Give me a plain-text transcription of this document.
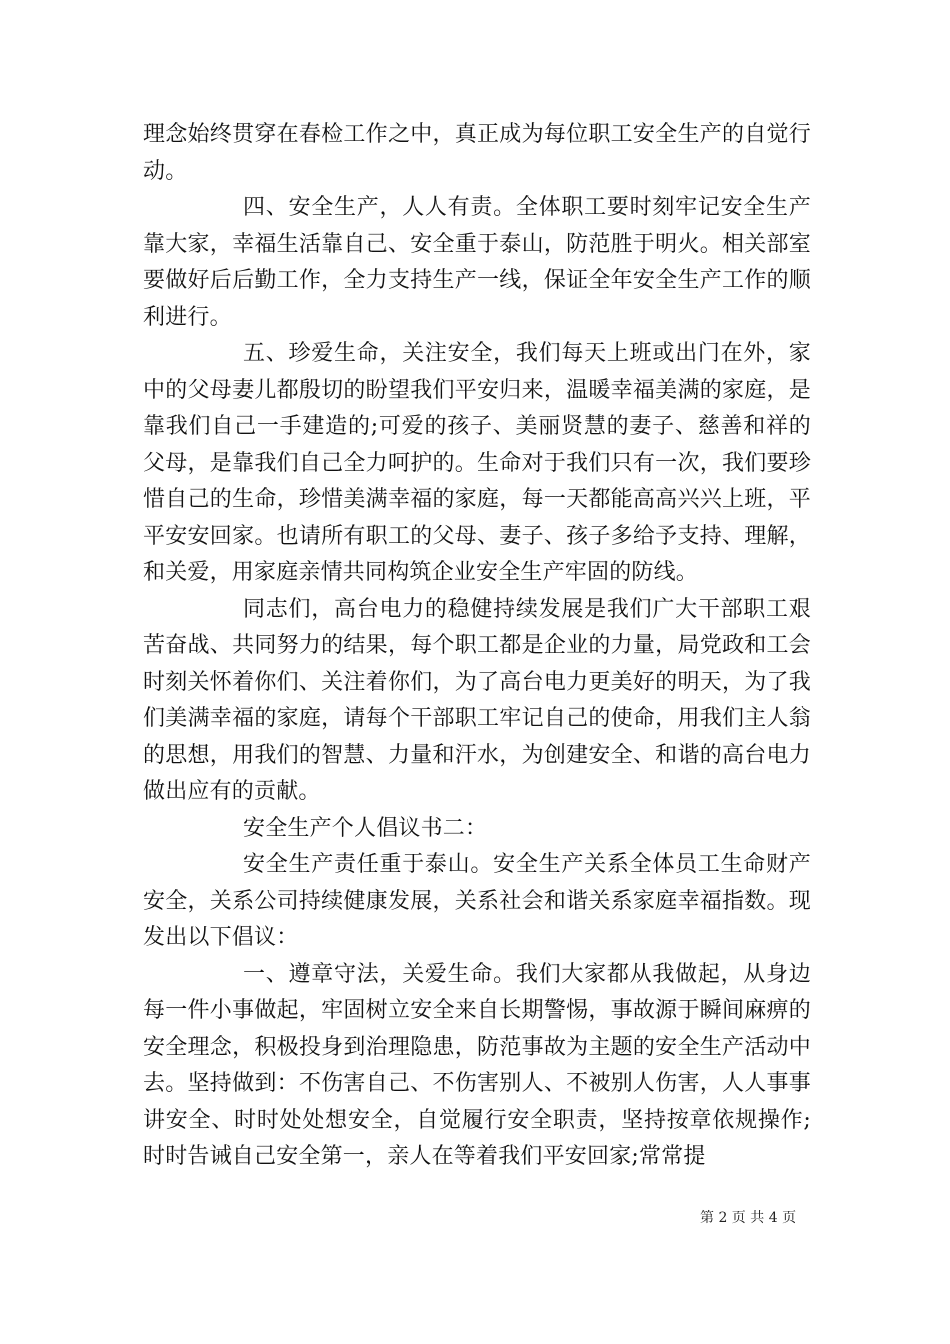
理念始终贯穿在春检工作之中，真正成为每位职工安全生产的自觉行动。

四、安全生产，人人有责。全体职工要时刻牢记安全生产靠大家，幸福生活靠自己、安全重于泰山，防范胜于明火。相关部室要做好后后勤工作，全力支持生产一线，保证全年安全生产工作的顺利进行。

五、珍爱生命，关注安全，我们每天上班或出门在外，家中的父母妻儿都殷切的盼望我们平安归来，温暖幸福美满的家庭，是靠我们自己一手建造的;可爱的孩子、美丽贤慧的妻子、慈善和祥的父母，是靠我们自己全力呵护的。生命对于我们只有一次，我们要珍惜自己的生命，珍惜美满幸福的家庭，每一天都能高高兴兴上班，平平安安回家。也请所有职工的父母、妻子、孩子多给予支持、理解，和关爱，用家庭亲情共同构筑企业安全生产牢固的防线。

同志们，高台电力的稳健持续发展是我们广大干部职工艰苦奋战、共同努力的结果，每个职工都是企业的力量，局党政和工会时刻关怀着你们、关注着你们，为了高台电力更美好的明天，为了我们美满幸福的家庭，请每个干部职工牢记自己的使命，用我们主人翁的思想，用我们的智慧、力量和汗水，为创建安全、和谐的高台电力做出应有的贡献。

安全生产个人倡议书二：

安全生产责任重于泰山。安全生产关系全体员工生命财产安全，关系公司持续健康发展，关系社会和谐关系家庭幸福指数。现发出以下倡议：

一、遵章守法，关爱生命。我们大家都从我做起，从身边每一件小事做起，牢固树立安全来自长期警惕，事故源于瞬间麻痹的安全理念，积极投身到治理隐患，防范事故为主题的安全生产活动中去。坚持做到：不伤害自己、不伤害别人、不被别人伤害，人人事事讲安全、时时处处想安全，自觉履行安全职责，坚持按章依规操作;时时告诫自己安全第一，亲人在等着我们平安回家;常常提

第 2 页 共 4 页
